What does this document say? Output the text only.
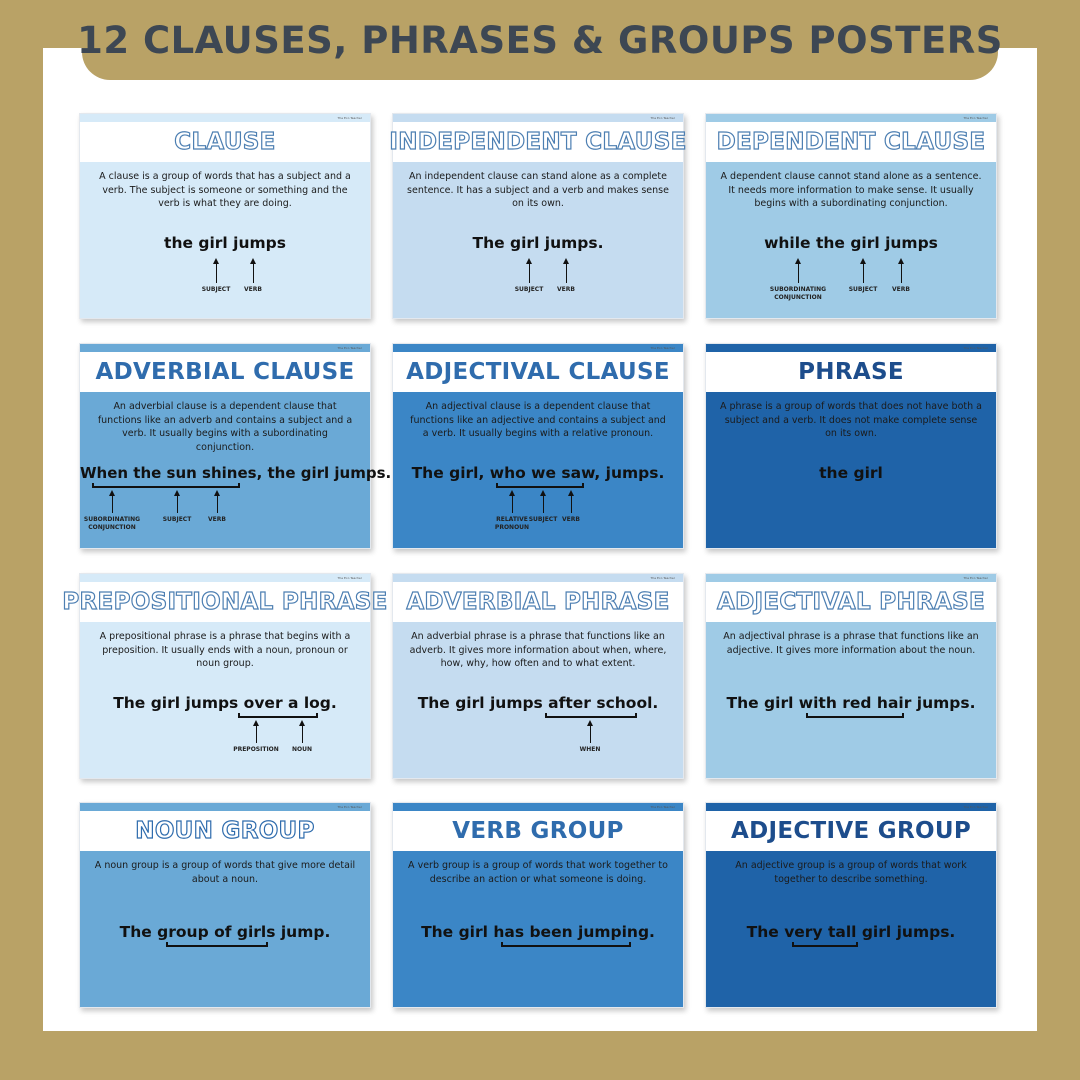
12 CLAUSES, PHRASES & GROUPS POSTERS
The Eco Teacher
CLAUSE
A clause is a group of words that has a subject and a verb. The subject is someone or something and the verb is what they are doing.
the girl jumps
SUBJECT VERB
The Eco Teacher
INDEPENDENT CLAUSE
An independent clause can stand alone as a complete sentence. It has a subject and a verb and makes sense on its own.
The girl jumps.
SUBJECT VERB
The Eco Teacher
DEPENDENT CLAUSE
A dependent clause cannot stand alone as a sentence. It needs more information to make sense. It usually begins with a subordinating conjunction.
while the girl jumps
SUBORDINATING
CONJUNCTION
SUBJECT VERB
The Eco Teacher
ADVERBIAL CLAUSE
An adverbial clause is a dependent clause that functions like an adverb and contains a subject and a verb. It usually begins with a subordinating conjunction.
When the sun shines, the girl jumps.
SUBORDINATING
CONJUNCTION
SUBJECT	VERB
The Eco Teacher
ADJECTIVAL CLAUSE
An adjectival clause is a dependent clause that functions like an adjective and contains a subject and a verb. It usually begins with a relative pronoun.
The girl, who we saw, jumps.
RELATIVE
PRONOUN
SUBJECT VERB
The Eco Teacher
PHRASE
A phrase is a group of words that does not have both a subject and a verb. It does not make complete sense on its own.
the girl
The Eco Teacher
PREPOSITIONAL PHRASE
A prepositional phrase is a phrase that begins with a preposition. It usually ends with a noun, pronoun or noun group.
The girl jumps over a log.
PREPOSITION NOUN
The Eco Teacher
ADVERBIAL PHRASE
An adverbial phrase is a phrase that functions like an adverb. It gives more information about when, where, how, why, how often and to what extent.
The girl jumps after school.
WHEN
The Eco Teacher
ADJECTIVAL PHRASE
An adjectival phrase is a phrase that functions like an adjective. It gives more information about the noun.
The girl with red hair jumps.
The Eco Teacher
NOUN GROUP
A noun group is a group of words that give more detail about a noun.
The group of girls jump.
The Eco Teacher
VERB GROUP
A verb group is a group of words that work together to describe an action or what someone is doing.
The girl has been jumping.
The Eco Teacher
ADJECTIVE GROUP
An adjective group is a group of words that work together to describe something.
The very tall girl jumps.
